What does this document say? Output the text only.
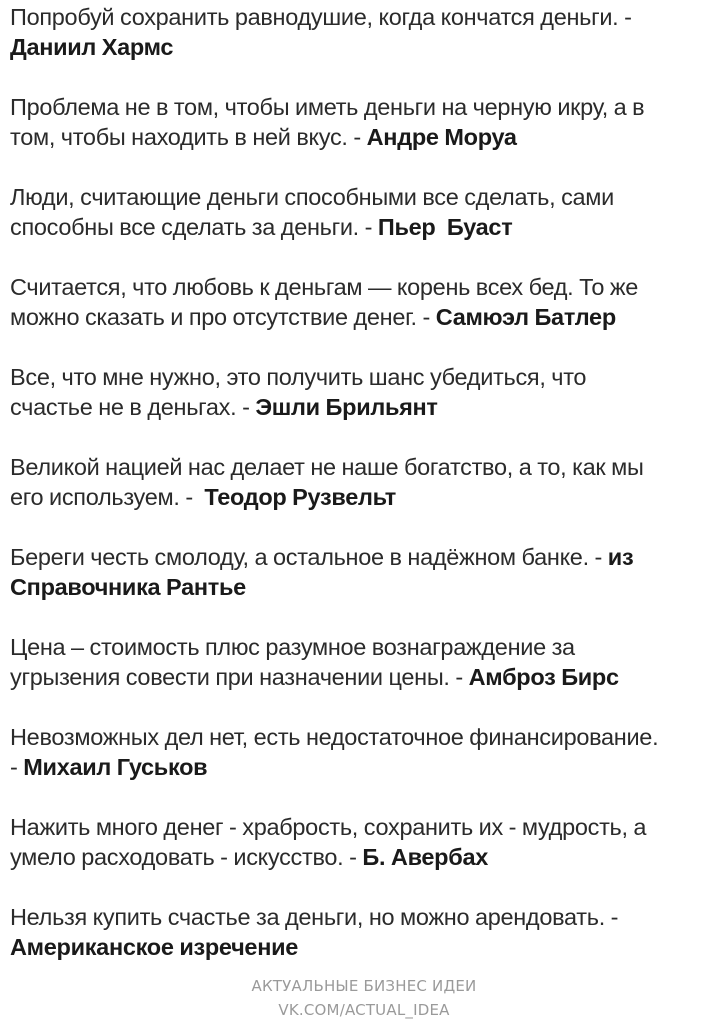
Попробуй сохранить равнодушие, когда кончатся деньги. -
Даниил Хармс

Проблема не в том, чтобы иметь деньги на черную икру, а в
том, чтобы находить в ней вкус. - Андре Моруа

Люди, считающие деньги способными все сделать, сами
способны все сделать за деньги. - Пьер  Буаст

Считается, что любовь к деньгам — корень всех бед. То же
можно сказать и про отсутствие денег. - Самюэл Батлер

Все, что мне нужно, это получить шанс убедиться, что
счастье не в деньгах. - Эшли Брильянт

Великой нацией нас делает не наше богатство, а то, как мы
его используем. -  Теодор Рузвельт

Береги честь смолоду, а остальное в надёжном банке. - из
Справочника Рантье

Цена – стоимость плюс разумное вознаграждение за
угрызения совести при назначении цены. - Амброз Бирс

Невозможных дел нет, есть недостаточное финансирование.
- Михаил Гуськов

Нажить много денег - храбрость, сохранить их - мудрость, а
умело расходовать - искусство. - Б. Авербах

Нельзя купить счастье за деньги, но можно арендовать. -
Американское изречение

АКТУАЛЬНЫЕ БИЗНЕС ИДЕИ
VK.COM/ACTUAL_IDEA
